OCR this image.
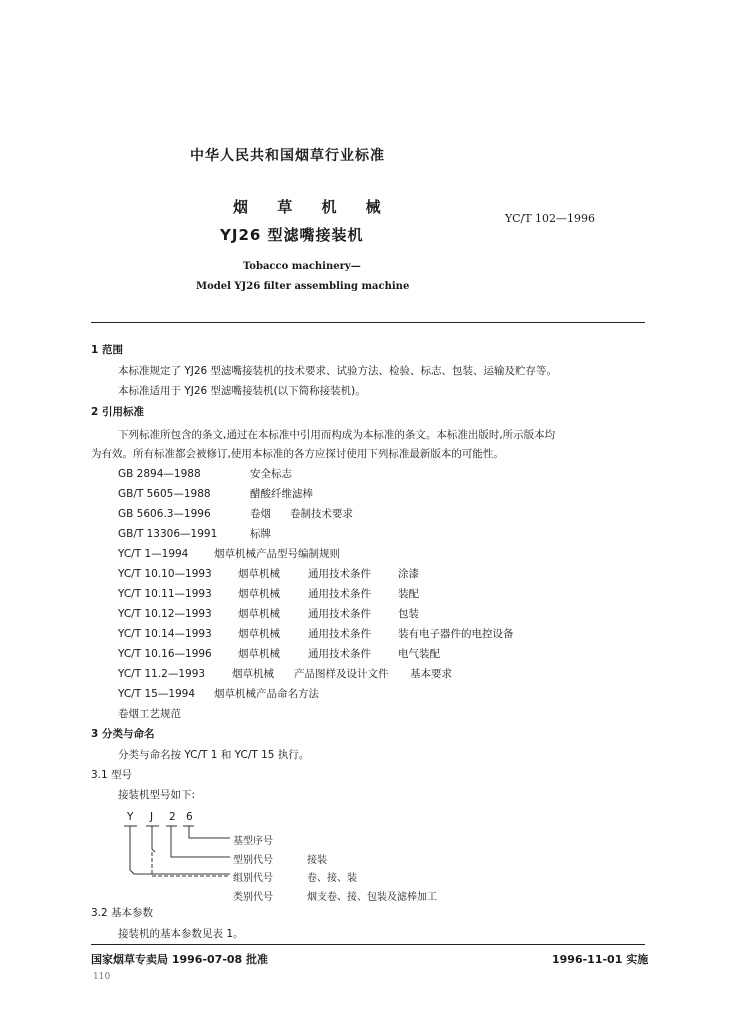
中华人民共和国烟草行业标准
烟 草 机 械
YJ26 型滤嘴接装机
YC/T 102—1996
Tobacco machinery—
Model YJ26 filter assembling machine
1 范围
本标准规定了 YJ26 型滤嘴接装机的技术要求、试验方法、检验、标志、包装、运输及贮存等。
本标准适用于 YJ26 型滤嘴接装机(以下简称接装机)。
2 引用标准
下列标准所包含的条文,通过在本标准中引用而构成为本标准的条文。本标准出版时,所示版本均
为有效。所有标准都会被修订,使用本标准的各方应探讨使用下列标准最新版本的可能性。
GB 2894—1988	安全标志
GB/T 5605—1988	醋酸纤维滤棒
GB 5606.3—1996	卷烟 卷制技术要求
GB/T 13306—1991	标牌
YC/T 1—1994 烟草机械产品型号编制规则
YC/T 10.10—1993	烟草机械	通用技术条件	涂漆
YC/T 10.11—1993	烟草机械	通用技术条件	装配
YC/T 10.12—1993	烟草机械	通用技术条件	包装
YC/T 10.14—1993	烟草机械	通用技术条件	装有电子器件的电控设备
YC/T 10.16—1996	烟草机械	通用技术条件	电气装配
YC/T 11.2—1993	烟草机械 产品图样及设计文件 基本要求
YC/T 15—1994 烟草机械产品命名方法
卷烟工艺规范
3 分类与命名
分类与命名按 YC/T 1 和 YC/T 15 执行。
3.1 型号
接装机型号如下:
Y J 2 6
基型序号
型别代号	接装
组别代号	卷、接、装
类别代号	烟支卷、接、包装及滤棒加工
3.2 基本参数
接装机的基本参数见表 1。
国家烟草专卖局 1996-07-08 批准	1996-11-01 实施
110
